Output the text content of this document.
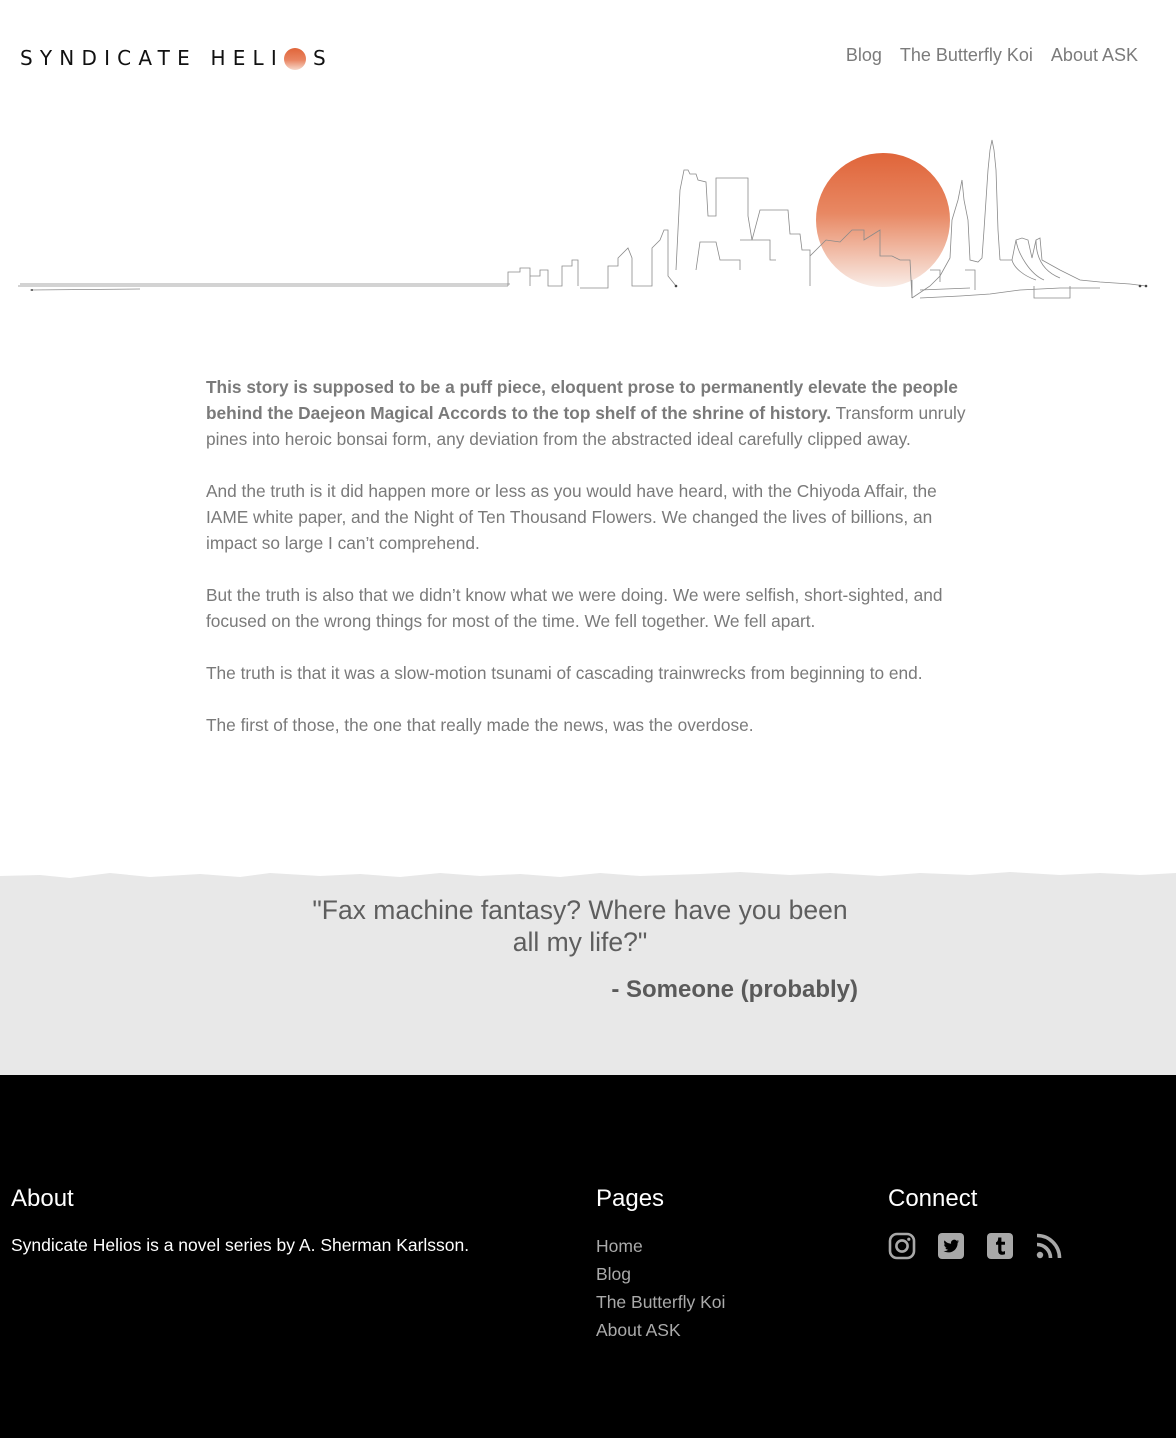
SYNDICATE HELI S	Blog The Butterfly Koi About ASK

This story is supposed to be a puff piece, eloquent prose to permanently elevate the people behind the Daejeon Magical Accords to the top shelf of the shrine of history. Transform unruly pines into heroic bonsai form, any deviation from the abstracted ideal carefully clipped away.

And the truth is it did happen more or less as you would have heard, with the Chiyoda Affair, the IAME white paper, and the Night of Ten Thousand Flowers. We changed the lives of billions, an impact so large I can’t comprehend.

But the truth is also that we didn’t know what we were doing. We were selfish, short-sighted, and focused on the wrong things for most of the time. We fell together. We fell apart.

The truth is that it was a slow-motion tsunami of cascading trainwrecks from beginning to end.

The first of those, the one that really made the news, was the overdose.

"Fax machine fantasy? Where have you been all my life?"
- Someone (probably)
About
Syndicate Helios is a novel series by A. Sherman Karlsson.
Pages
Home
Blog
The Butterfly Koi
About ASK
Connect
